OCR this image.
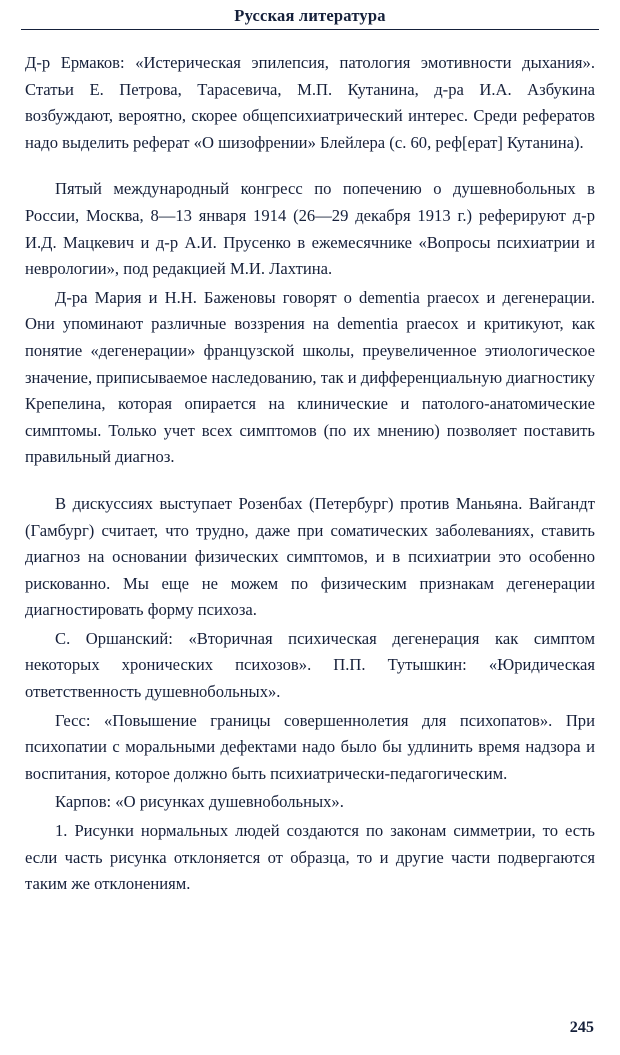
Русская литература

Д-р Ермаков: «Истерическая эпилепсия, патология эмотивности дыхания». Статьи Е. Петрова, Тарасевича, М.П. Кутанина, д-ра И.А. Азбукина возбуждают, вероятно, скорее общепсихиатрический интерес. Среди рефератов надо выделить реферат «О шизофрении» Блейлера (с. 60, реф[ерат] Кутанина).

Пятый международный конгресс по попечению о душевнобольных в России, Москва, 8—13 января 1914 (26—29 декабря 1913 г.) реферируют д-р И.Д. Мацкевич и д-р А.И. Прусенко в ежемесячнике «Вопросы психиатрии и неврологии», под редакцией М.И. Лахтина.

Д-ра Мария и Н.Н. Баженовы говорят о dementia praecox и дегенерации. Они упоминают различные воззрения на dementia praecox и критикуют, как понятие «дегенерации» французской школы, преувеличенное этиологическое значение, приписываемое наследованию, так и дифференциальную диагностику Крепелина, которая опирается на клинические и патолого-анатомические симптомы. Только учет всех симптомов (по их мнению) позволяет поставить правильный диагноз.

В дискуссиях выступает Розенбах (Петербург) против Маньяна. Вайгандт (Гамбург) считает, что трудно, даже при соматических заболеваниях, ставить диагноз на основании физических симптомов, и в психиатрии это особенно рискованно. Мы еще не можем по физическим признакам дегенерации диагностировать форму психоза.

С. Оршанский: «Вторичная психическая дегенерация как симптом некоторых хронических психозов». П.П. Тутышкин: «Юридическая ответственность душевнобольных».

Гесс: «Повышение границы совершеннолетия для психопатов». При психопатии с моральными дефектами надо было бы удлинить время надзора и воспитания, которое должно быть психиатрически-педагогическим.

Карпов: «О рисунках душевнобольных».

1. Рисунки нормальных людей создаются по законам симметрии, то есть если часть рисунка отклоняется от образца, то и другие части подвергаются таким же отклонениям.

245
